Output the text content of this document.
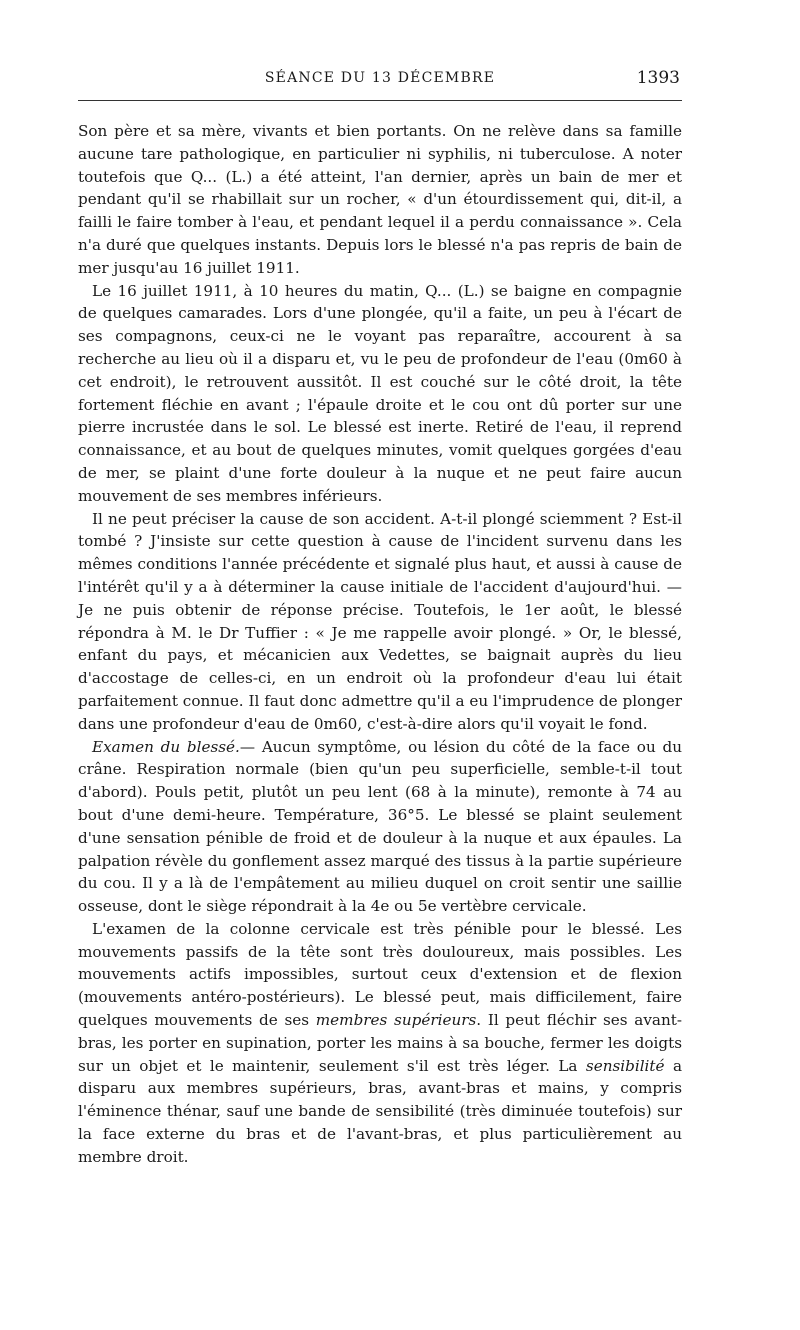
SÉANCE DU 13 DÉCEMBRE	1393

Son père et sa mère, vivants et bien portants. On ne relève dans sa famille aucune tare pathologique, en particulier ni syphilis, ni tuberculose. A noter toutefois que Q... (L.) a été atteint, l'an dernier, après un bain de mer et pendant qu'il se rhabillait sur un rocher, « d'un étourdissement qui, dit-il, a failli le faire tomber à l'eau, et pendant lequel il a perdu connaissance ». Cela n'a duré que quelques instants. Depuis lors le blessé n'a pas repris de bain de mer jusqu'au 16 juillet 1911.

Le 16 juillet 1911, à 10 heures du matin, Q... (L.) se baigne en compagnie de quelques camarades. Lors d'une plongée, qu'il a faite, un peu à l'écart de ses compagnons, ceux-ci ne le voyant pas reparaître, accourent à sa recherche au lieu où il a disparu et, vu le peu de profondeur de l'eau (0m60 à cet endroit), le retrouvent aussitôt. Il est couché sur le côté droit, la tête fortement fléchie en avant ; l'épaule droite et le cou ont dû porter sur une pierre incrustée dans le sol. Le blessé est inerte. Retiré de l'eau, il reprend connaissance, et au bout de quelques minutes, vomit quelques gorgées d'eau de mer, se plaint d'une forte douleur à la nuque et ne peut faire aucun mouvement de ses membres inférieurs.

Il ne peut préciser la cause de son accident. A-t-il plongé sciemment ? Est-il tombé ? J'insiste sur cette question à cause de l'incident survenu dans les mêmes conditions l'année précédente et signalé plus haut, et aussi à cause de l'intérêt qu'il y a à déterminer la cause initiale de l'accident d'aujourd'hui. — Je ne puis obtenir de réponse précise. Toutefois, le 1er août, le blessé répondra à M. le Dr Tuffier : « Je me rappelle avoir plongé. » Or, le blessé, enfant du pays, et mécanicien aux Vedettes, se baignait auprès du lieu d'accostage de celles-ci, en un endroit où la profondeur d'eau lui était parfaitement connue. Il faut donc admettre qu'il a eu l'imprudence de plonger dans une profondeur d'eau de 0m60, c'est-à-dire alors qu'il voyait le fond.

Examen du blessé.— Aucun symptôme, ou lésion du côté de la face ou du crâne. Respiration normale (bien qu'un peu superficielle, semble-t-il tout d'abord). Pouls petit, plutôt un peu lent (68 à la minute), remonte à 74 au bout d'une demi-heure. Température, 36°5. Le blessé se plaint seulement d'une sensation pénible de froid et de douleur à la nuque et aux épaules. La palpation révèle du gonflement assez marqué des tissus à la partie supérieure du cou. Il y a là de l'empâtement au milieu duquel on croit sentir une saillie osseuse, dont le siège répondrait à la 4e ou 5e vertèbre cervicale.

L'examen de la colonne cervicale est très pénible pour le blessé. Les mouvements passifs de la tête sont très douloureux, mais possibles. Les mouvements actifs impossibles, surtout ceux d'extension et de flexion (mouvements antéro-postérieurs). Le blessé peut, mais difficilement, faire quelques mouvements de ses membres supérieurs. Il peut fléchir ses avant-bras, les porter en supination, porter les mains à sa bouche, fermer les doigts sur un objet et le maintenir, seulement s'il est très léger. La sensibilité a disparu aux membres supérieurs, bras, avant-bras et mains, y compris l'éminence thénar, sauf une bande de sensibilité (très diminuée toutefois) sur la face externe du bras et de l'avant-bras, et plus particulièrement au membre droit.
